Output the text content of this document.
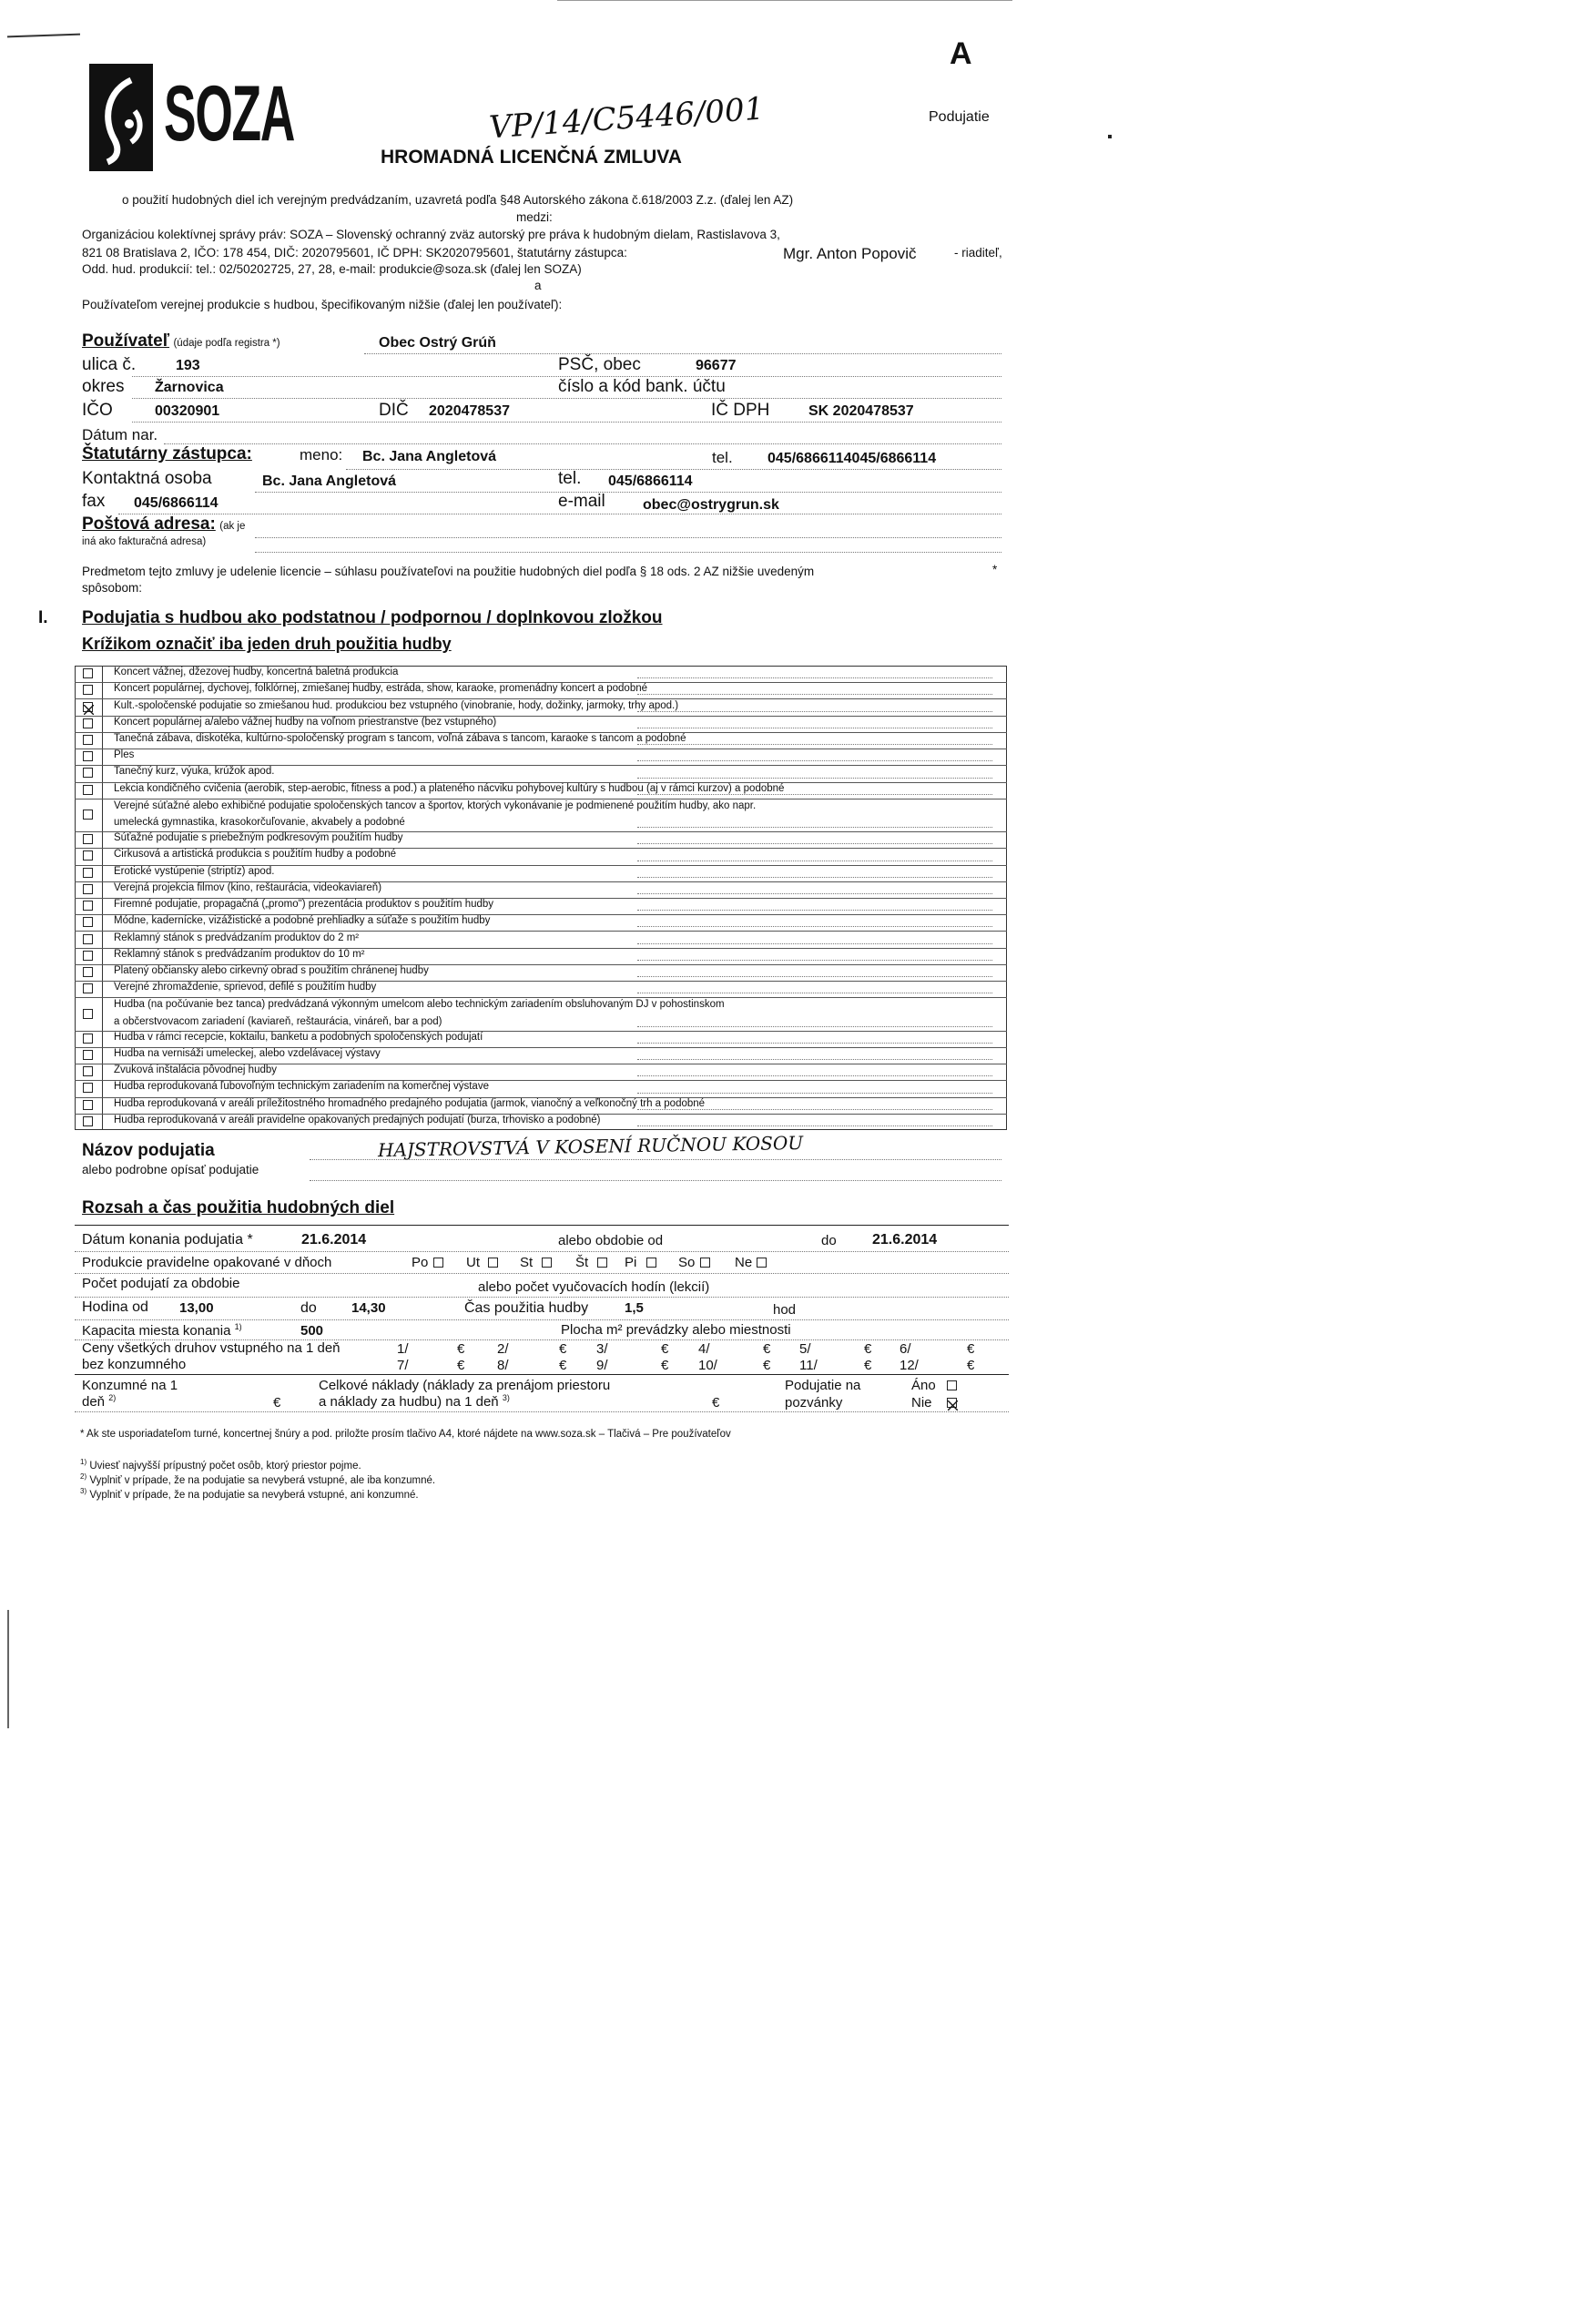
SOZA	VP/14/C5446/001
HROMADNÁ LICENČNÁ ZMLUVA
A
Podujatie
o použití hudobných diel ich verejným predvádzaním, uzavretá podľa §48 Autorského zákona č.618/2003 Z.z. (ďalej len AZ)
medzi:
Organizáciou kolektívnej správy práv: SOZA – Slovenský ochranný zväz autorský pre práva k hudobným dielam, Rastislavova 3,
821 08 Bratislava 2, IČO: 178 454, DIČ: 2020795601, IČ DPH: SK2020795601, štatutárny zástupca:	Mgr. Anton Popovič	- riaditeľ,
Odd. hud. produkcií: tel.: 02/50202725, 27, 28, e-mail: produkcie@soza.sk (ďalej len SOZA)
a
Používateľom verejnej produkcie s hudbou, špecifikovaným nižšie (ďalej len používateľ):
Používateľ (údaje podľa registra *)	Obec Ostrý Grúň
ulica č.	193	PSČ, obec	96677
okres Žarnovica	číslo a kód bank. účtu
IČO	00320901	DIČ 2020478537	IČ DPH	SK 2020478537
Dátum nar.
Štatutárny zástupca:	meno: Bc. Jana Angletová	tel. 045/6866114045/6866114
Kontaktná osoba	Bc. Jana Angletová	tel. 045/6866114
fax 045/6866114	e-mail	obec@ostrygrun.sk
Poštová adresa: (ak je
iná ako fakturačná adresa)
Predmetom tejto zmluvy je udelenie licencie – súhlasu používateľovi na použitie hudobných diel podľa § 18 ods. 2 AZ nižšie uvedeným	*
spôsobom:
I. Podujatia s hudbou ako podstatnou / podpornou / doplnkovou zložkou
Krížikom označiť iba jeden druh použitia hudby
Koncert vážnej, džezovej hudby, koncertná baletná produkcia
Koncert populárnej, dychovej, folklórnej, zmiešanej hudby, estráda, show, karaoke, promenádny koncert a podobné
Kult.-spoločenské podujatie so zmiešanou hud. produkciou bez vstupného (vinobranie, hody, dožinky, jarmoky, trhy apod.)
Koncert populárnej a/alebo vážnej hudby na voľnom priestranstve (bez vstupného)
Tanečná zábava, diskotéka, kultúrno-spoločenský program s tancom, voľná zábava s tancom, karaoke s tancom a podobné
Ples
Tanečný kurz, výuka, krúžok apod.
Lekcia kondičného cvičenia (aerobik, step-aerobic, fitness a pod.) a plateného nácviku pohybovej kultúry s hudbou (aj v rámci kurzov) a podobné
Verejné súťažné alebo exhibičné podujatie spoločenských tancov a športov, ktorých vykonávanie je podmienené použitím hudby, ako napr.
umelecká gymnastika, krasokorčuľovanie, akvabely a podobné
Súťažné podujatie s priebežným podkresovým použitím hudby
Cirkusová a artistická produkcia s použitím hudby a podobné
Erotické vystúpenie (striptíz) apod.
Verejná projekcia filmov (kino, reštaurácia, videokaviareň)
Firemné podujatie, propagačná („promo") prezentácia produktov s použitím hudby
Módne, kaderníckе, vizážistické a podobné prehliadky a súťaže s použitím hudby
Reklamný stánok s predvádzaním produktov do 2 m²
Reklamný stánok s predvádzaním produktov do 10 m²
Platený občiansky alebo cirkevný obrad s použitím chránenej hudby
Verejné zhromaždenie, sprievod, defilé s použitím hudby
Hudba (na počúvanie bez tanca) predvádzaná výkonným umelcom alebo technickým zariadením obsluhovaným DJ v pohostinskom
a občerstvovacom zariadení (kaviareň, reštaurácia, vináreň, bar a pod)
Hudba v rámci recepcie, koktailu, banketu a podobných spoločenských podujatí
Hudba na vernisáži umeleckej, alebo vzdelávacej výstavy
Zvuková inštalácia pôvodnej hudby
Hudba reprodukovaná ľubovoľným technickým zariadením na komerčnej výstave
Hudba reprodukovaná v areáli príležitostného hromadného predajného podujatia (jarmok, vianočný a veľkonočný trh a podobné
Hudba reprodukovaná v areáli pravidelne opakovaných predajných podujatí (burza, trhovisko a podobné)
Názov podujatia
alebo podrobne opísať podujatie
HAJSTROVSTVÁ V KOSENÍ RUČNOU KOSOU
Rozsah a čas použitia hudobných diel
Dátum konania podujatia *	21.6.2014	alebo obdobie od	do 21.6.2014
Produkcie pravidelne opakované v dňoch	Po	Ut	St	Št	Pi	So	Ne
Počet podujatí za obdobie	alebo počet vyučovacích hodín (lekcií)
Hodina od 13,00	do	14,30	Čas použitia hudby	1,5	hod
Kapacita miesta konania $^{1)}$	500	Plocha m² prevádzky alebo miestnosti
Ceny všetkých druhov vstupného na 1 deň
bez konzumného
1/	€ 2/	€ 3/	€ 4/	€ 5/	€ 6/	€
7/	€ 8/	€ 9/	€ 10/	€ 11/	€ 12/	€
Konzumné na 1
deň $^{2)}$	€
Celkové náklady (náklady za prenájom priestoru
a náklady za hudbu) na 1 deň $^{3)}$	€
Podujatie na
pozvánky
Áno
Nie
* Ak ste usporiadateľom turné, koncertnej šnúry a pod. priložte prosím tlačivo A4, ktoré nájdete na www.soza.sk – Tlačivá – Pre používateľov
$^{1)}$ Uviesť najvyšší prípustný počet osôb, ktorý priestor pojme.
$^{2)}$ Vyplniť v prípade, že na podujatie sa nevyberá vstupné, ale iba konzumné.
$^{3)}$ Vyplniť v prípade, že na podujatie sa nevyberá vstupné, ani konzumné.
